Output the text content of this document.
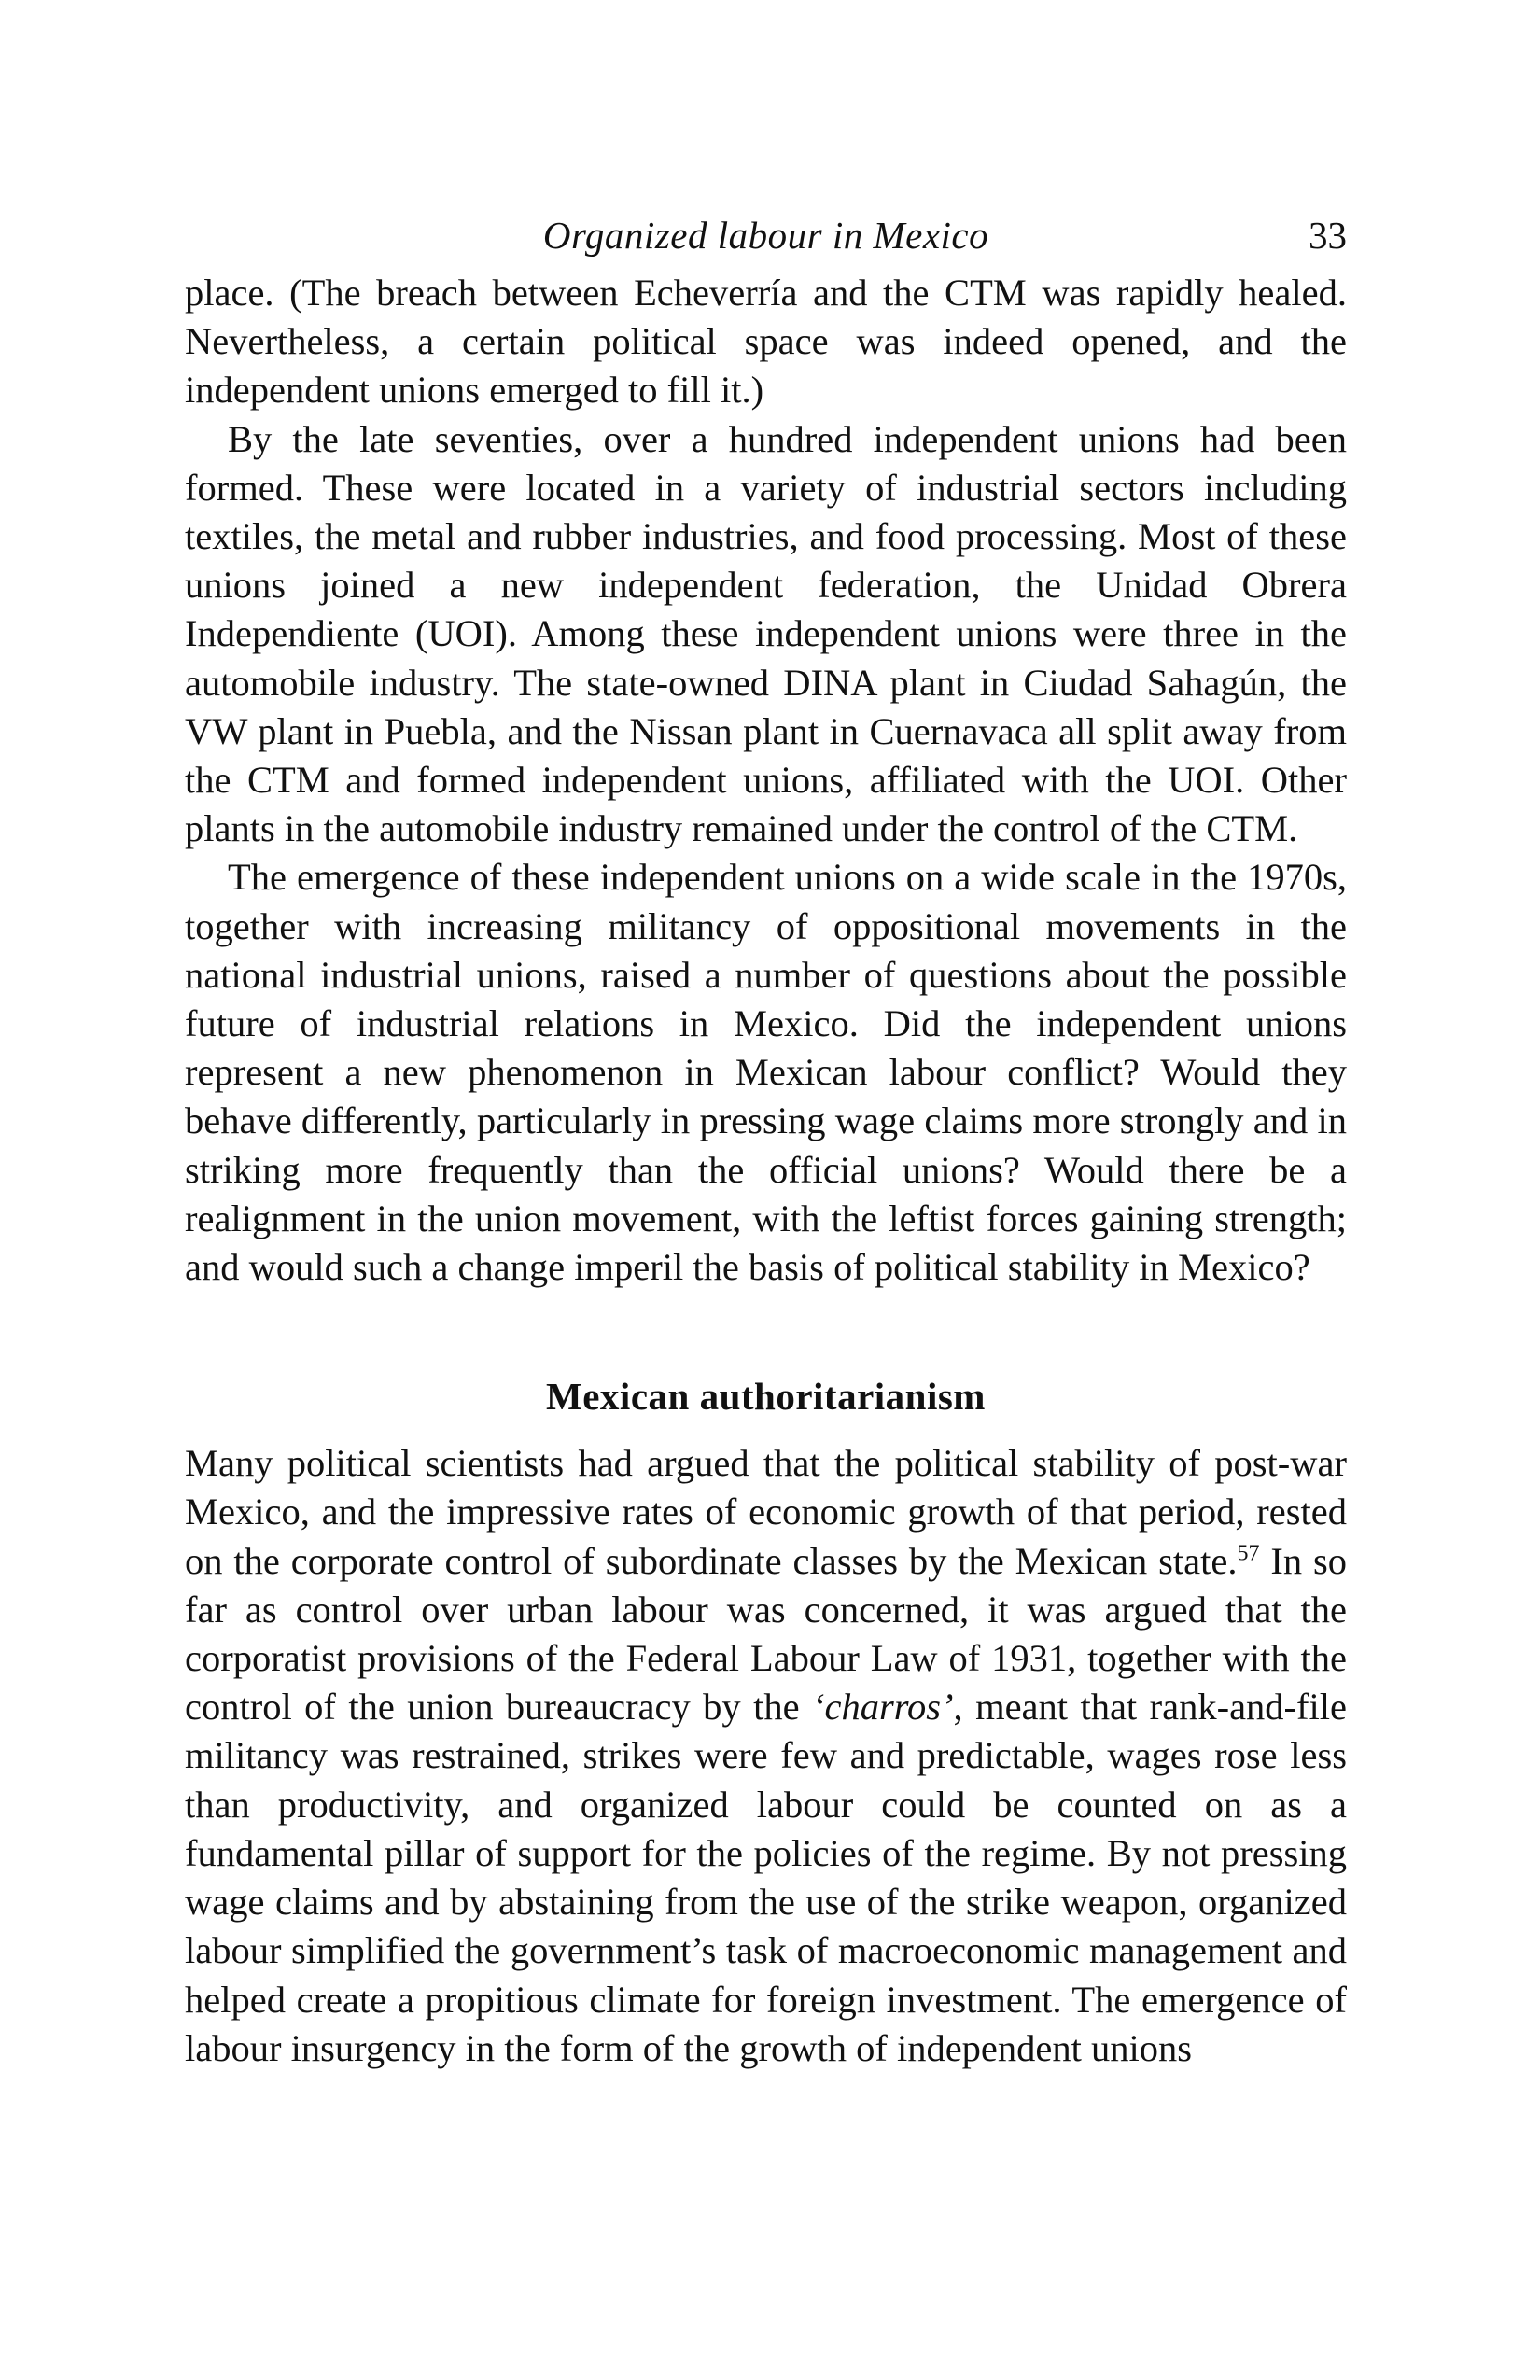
Organized labour in Mexico	33

place. (The breach between Echeverría and the CTM was rapidly healed. Nevertheless, a certain political space was indeed opened, and the independent unions emerged to fill it.)

By the late seventies, over a hundred independent unions had been formed. These were located in a variety of industrial sectors including textiles, the metal and rubber industries, and food processing. Most of these unions joined a new independent federation, the Unidad Obrera Independiente (UOI). Among these independent unions were three in the automobile industry. The state-owned DINA plant in Ciudad Sahagún, the VW plant in Puebla, and the Nissan plant in Cuernavaca all split away from the CTM and formed independent unions, affiliated with the UOI. Other plants in the automobile industry remained under the control of the CTM.

The emergence of these independent unions on a wide scale in the 1970s, together with increasing militancy of oppositional movements in the national industrial unions, raised a number of questions about the possible future of industrial relations in Mexico. Did the independent unions represent a new phenomenon in Mexican labour conflict? Would they behave differently, particularly in pressing wage claims more strongly and in striking more frequently than the official unions? Would there be a realignment in the union movement, with the leftist forces gaining strength; and would such a change imperil the basis of political stability in Mexico?

Mexican authoritarianism

Many political scientists had argued that the political stability of post-war Mexico, and the impressive rates of economic growth of that period, rested on the corporate control of subordinate classes by the Mexican state.$^{57}$ In so far as control over urban labour was concerned, it was argued that the corporatist provisions of the Federal Labour Law of 1931, together with the control of the union bureaucracy by the ‘charros’, meant that rank-and-file militancy was restrained, strikes were few and predictable, wages rose less than productivity, and organized labour could be counted on as a fundamental pillar of support for the policies of the regime. By not pressing wage claims and by abstaining from the use of the strike weapon, organized labour simplified the government’s task of macroeconomic management and helped create a propitious climate for foreign investment. The emergence of labour insurgency in the form of the growth of independent unions
